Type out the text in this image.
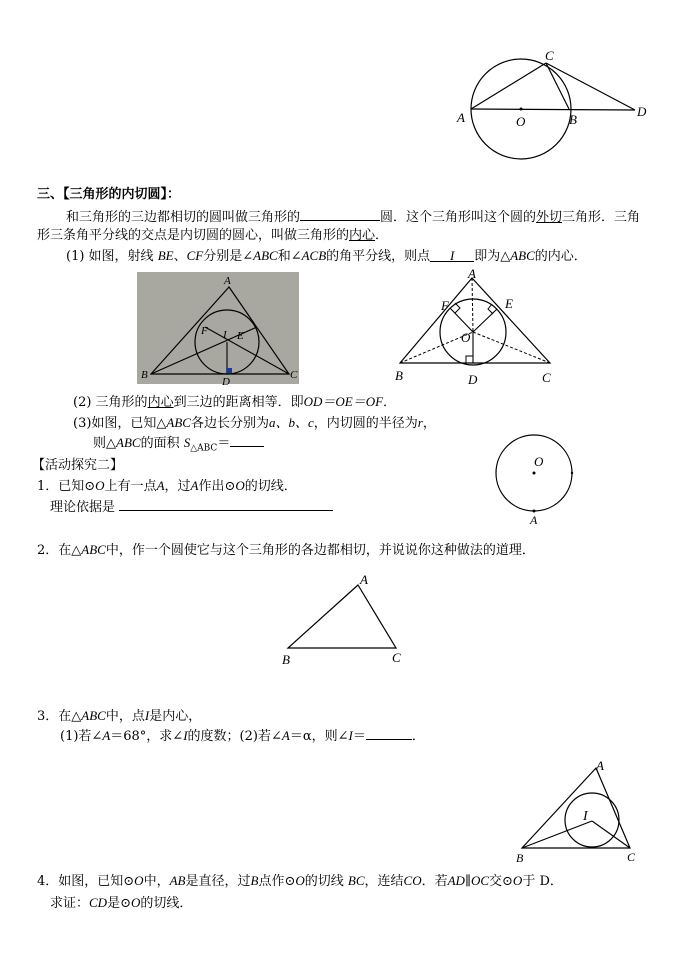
A	B
C
D
O
三、【三角形的内切圆】：
和三角形的三边都相切的圆叫做三角形的	圆．这个三角形叫这个圆的外切三角形．三角
形三条角平分线的交点是内切圆的圆心，叫做三角形的内心．
(1) 如图，射线 BE、CF分别是∠ABC和∠ACB的角平分线，则点 I 即为△ABC的内心．
A
B	C
D
E
F I
A
B	C
D
E
F
O
(2) 三角形的内心到三边的距离相等．即OD＝OE＝OF．
(3)如图，已知△ABC各边长分别为a、b、c，内切圆的半径为r，
则△ABC的面积 $S_{\triangle ABC}=$
O
A
【活动探究二】
1．已知⊙O上有一点A，过A作出⊙O的切线．
理论依据是
2．在△ABC中，作一个圆使它与这个三角形的各边都相切，并说说你这种做法的道理．
A
B	C
3．在△ABC中，点I是内心，
(1)若∠A＝68°，求∠I的度数；(2)若∠A＝α，则∠I＝	．
A
B	C
I
4．如图，已知⊙O中，AB是直径，过B点作⊙O的切线 BC，连结CO．若AD∥OC交⊙O于 D．
求证：CD是⊙O的切线．
